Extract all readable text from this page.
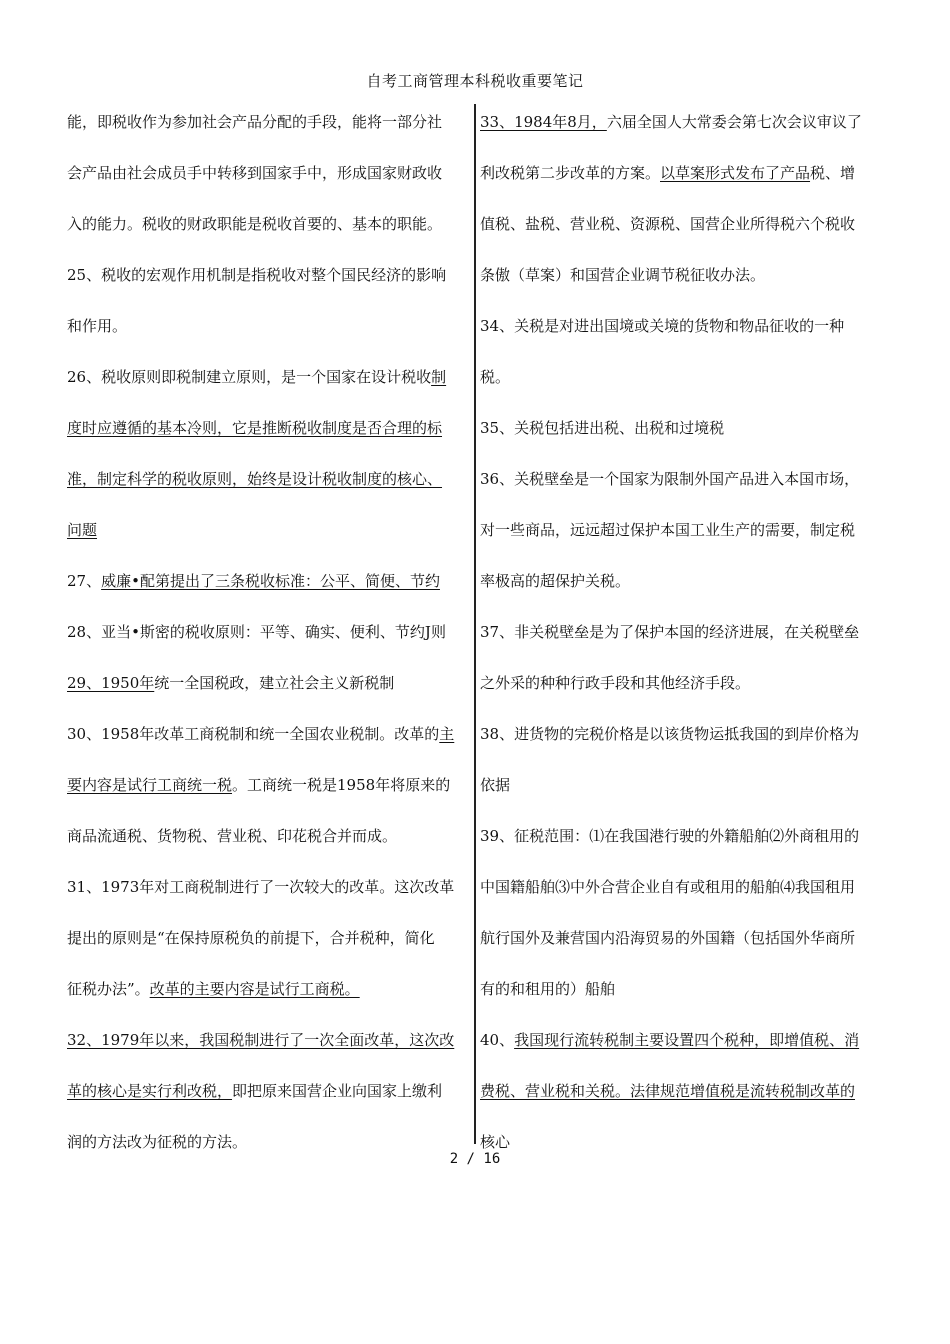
自考工商管理本科税收重要笔记
能，即税收作为参加社会产品分配的手段，能将一部分社
会产品由社会成员手中转移到国家手中，形成国家财政收
入的能力。税收的财政职能是税收首要的、基本的职能。
25、税收的宏观作用机制是指税收对整个国民经济的影响
和作用。
26、税收原则即税制建立原则，是一个国家在设计税收制
度时应遵循的基本冷则，它是推断税收制度是否合理的标
准，制定科学的税收原则，始终是设计税收制度的核心、
问题
27、威廉•配第提出了三条税收标准：公平、简便、节约
28、亚当•斯密的税收原则：平等、确实、便利、节约J则
29、1950年统一全国税政，建立社会主义新税制
30、1958年改革工商税制和统一全国农业税制。改革的主
要内容是试行工商统一税。工商统一税是1958年将原来的
商品流通税、货物税、营业税、印花税合并而成。
31、1973年对工商税制进行了一次较大的改革。这次改革
提出的原则是“在保持原税负的前提下，合并税种，简化
征税办法”。改革的主要内容是试行工商税。
32、1979年以来，我国税制进行了一次全面改革，这次改
革的核心是实行利改税，即把原来国营企业向国家上缴利
润的方法改为征税的方法。
33、1984年8月，六届全国人大常委会第七次会议审议了
利改税第二步改革的方案。以草案形式发布了产品税、增
值税、盐税、营业税、资源税、国营企业所得税六个税收
条傲（草案）和国营企业调节税征收办法。
34、关税是对进出国境或关境的货物和物品征收的一种
税。
35、关税包括进出税、出税和过境税
36、关税壁垒是一个国家为限制外国产品进入本国市场，
对一些商品，远远超过保护本国工业生产的需要，制定税
率极高的超保护关税。
37、非关税壁垒是为了保护本国的经济进展，在关税壁垒
之外采的种种行政手段和其他经济手段。
38、进货物的完税价格是以该货物运抵我国的到岸价格为
依据
39、征税范围：⑴在我国港行驶的外籍船舶⑵外商租用的
中国籍船舶⑶中外合营企业自有或租用的船舶⑷我国租用
航行国外及兼营国内沿海贸易的外国籍（包括国外华商所
有的和租用的）船舶
40、我国现行流转税制主要设置四个税种，即增值税、消
费税、营业税和关税。法律规范增值税是流转税制改革的
核心
2 / 16
